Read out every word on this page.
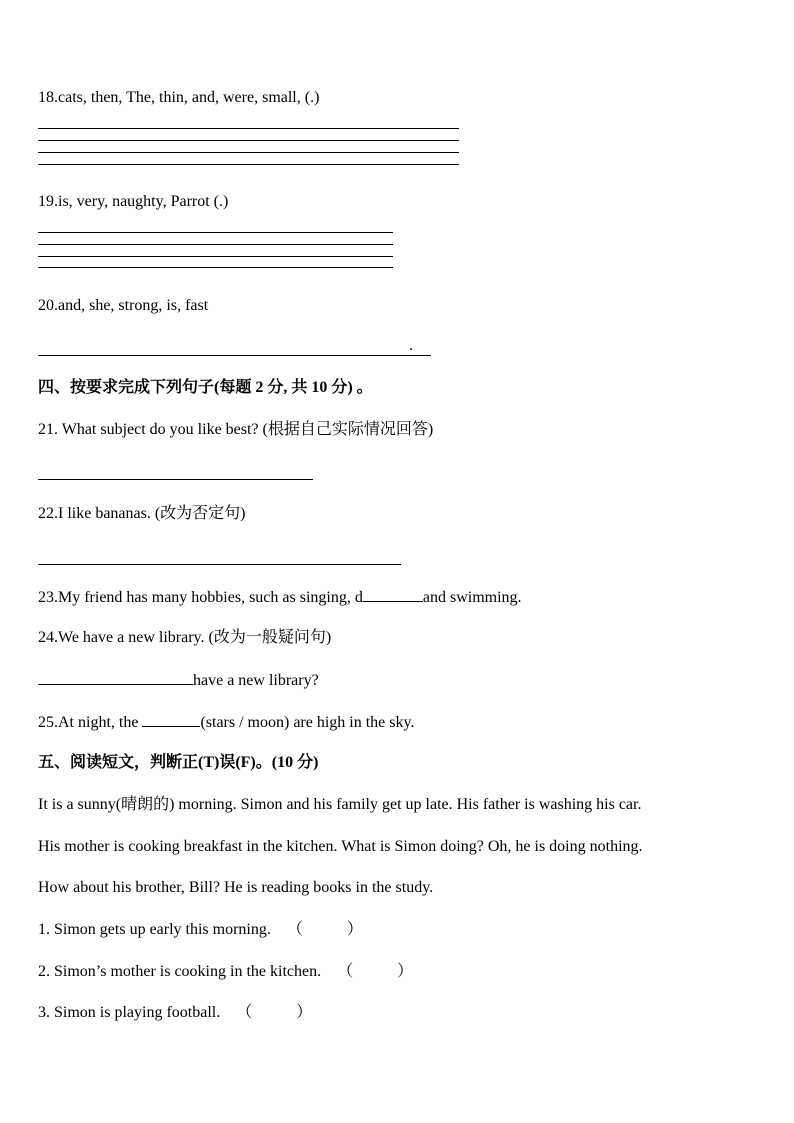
18.cats, then, The, thin, and, were, small, (.)
19.is, very, naughty, Parrot (.)
20.and, she, strong, is, fast
.
四、按要求完成下列句子(每题 2 分, 共 10 分) 。
21. What subject do you like best? (根据自己实际情况回答)
22.I like bananas. (改为否定句)
23.My friend has many hobbies, such as singing, d	and swimming.
24.We have a new library. (改为一般疑问句)
have a new library?
25.At night, the	(stars / moon) are high in the sky.
五、阅读短文，判断正(T)误(F)。(10 分)
It is a sunny(晴朗的) morning. Simon and his family get up late. His father is washing his car.
His mother is cooking breakfast in the kitchen. What is Simon doing? Oh, he is doing nothing.
How about his brother, Bill? He is reading books in the study.
1. Simon gets up early this morning. （	）
2. Simon’s mother is cooking in the kitchen. （	）
3. Simon is playing football. （	）
